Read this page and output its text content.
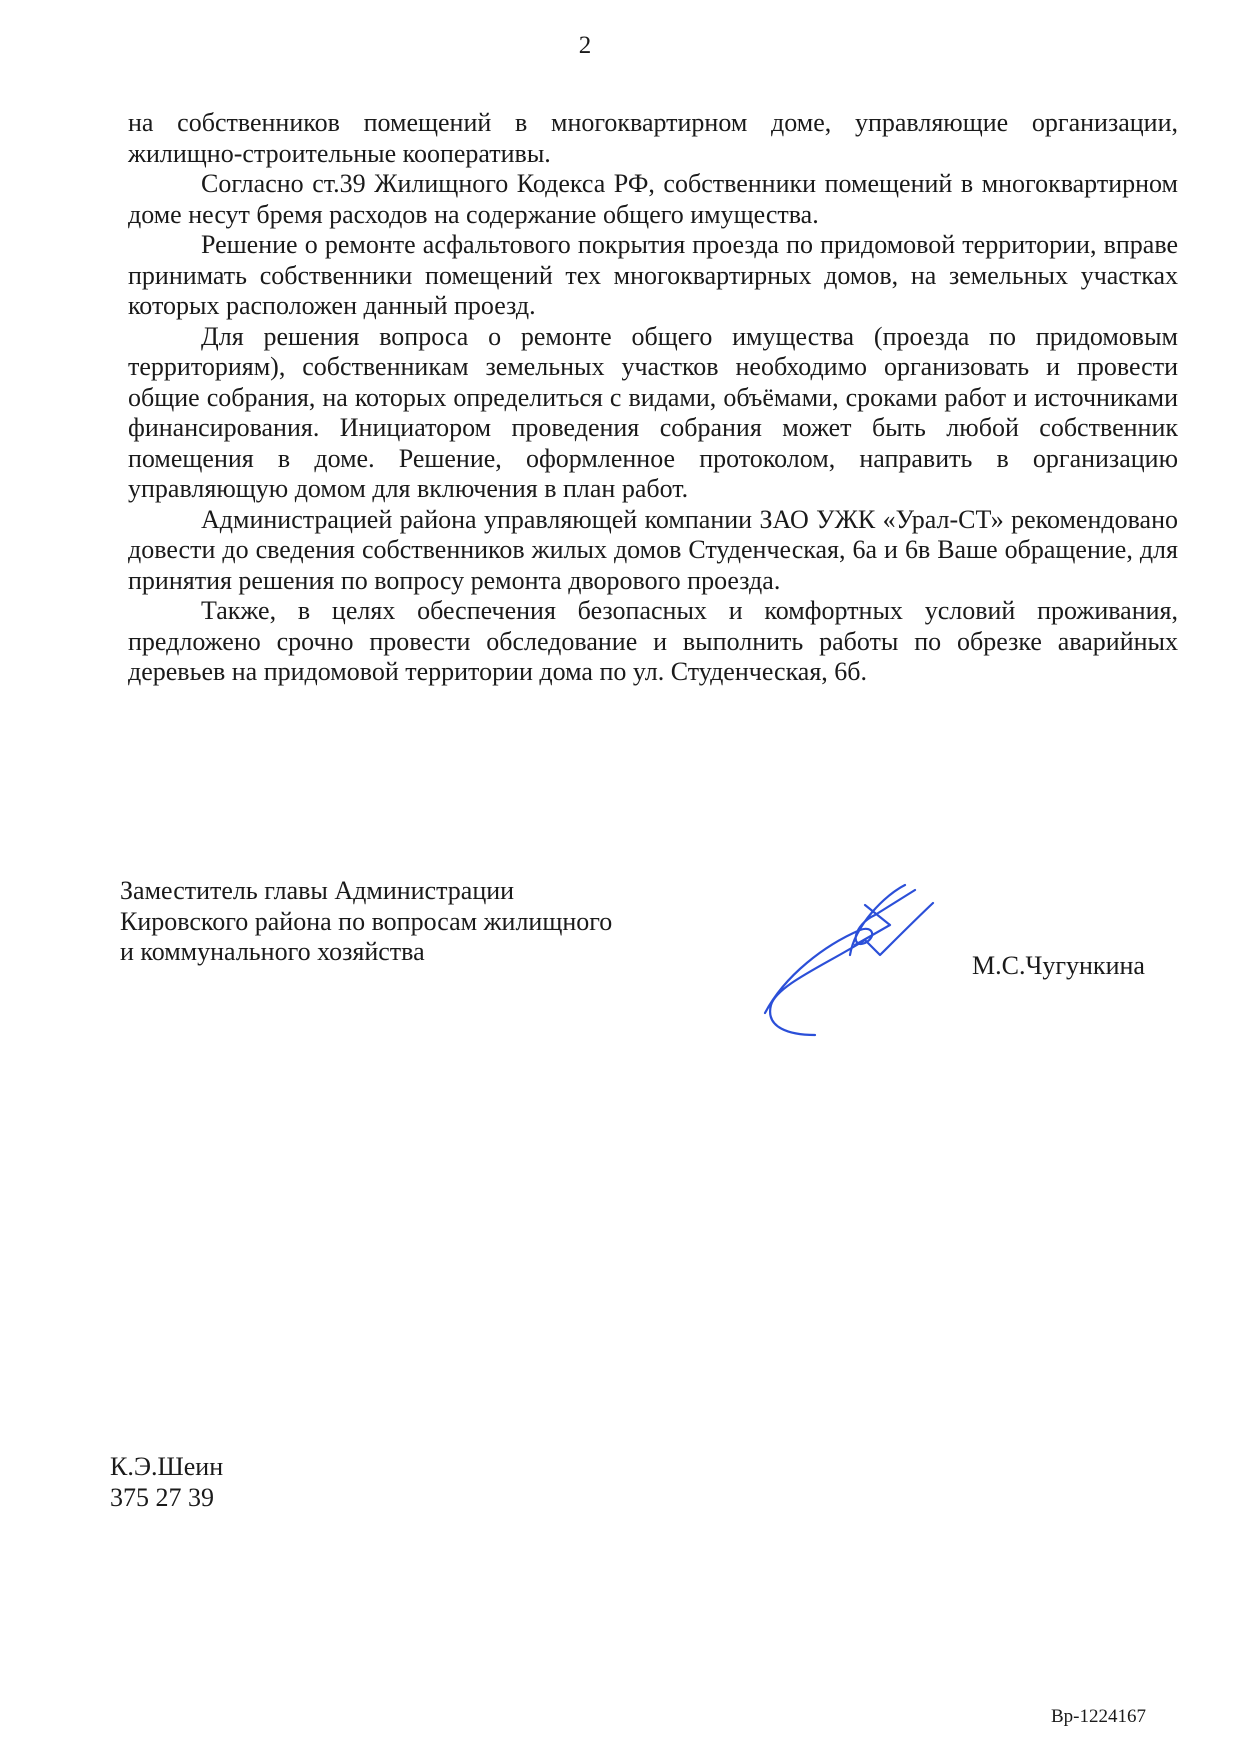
2

на собственников помещений в многоквартирном доме, управляющие организации, жилищно-строительные кооперативы.

Согласно ст.39 Жилищного Кодекса РФ, собственники помещений в многоквартирном доме несут бремя расходов на содержание общего имущества.

Решение о ремонте асфальтового покрытия проезда по придомовой территории, вправе принимать собственники помещений тех многоквартирных домов, на земельных участках которых расположен данный проезд.

Для решения вопроса о ремонте общего имущества (проезда по придомовым территориям), собственникам земельных участков необходимо организовать и провести общие собрания, на которых определиться с видами, объёмами, сроками работ и источниками финансирования. Инициатором проведения собрания может быть любой собственник помещения в доме. Решение, оформленное протоколом, направить в организацию управляющую домом для включения в план работ.

Администрацией района управляющей компании ЗАО УЖК «Урал-СТ» рекомендовано довести до сведения собственников жилых домов Студенческая, 6а и 6в Ваше обращение, для принятия решения по вопросу ремонта дворового проезда.

Также, в целях обеспечения безопасных и комфортных условий проживания, предложено срочно провести обследование и выполнить работы по обрезке аварийных деревьев на придомовой территории дома по ул. Студенческая, 6б.

Заместитель главы Администрации
Кировского района по вопросам жилищного
и коммунального хозяйства	М.С.Чугункина
К.Э.Шеин
375 27 39
Вр-1224167
